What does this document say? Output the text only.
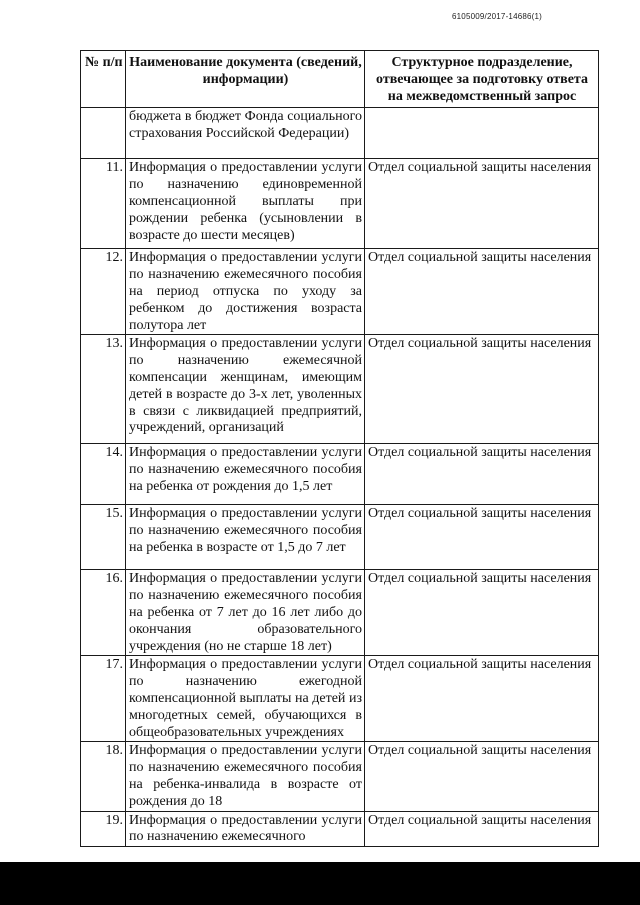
6105009/2017-14686(1)
№ п/п	Наименование документа (сведений, информации)	Структурное подразделение, отвечающее за подготовку ответа на межведомственный запрос
	бюджета в бюджет Фонда социального страхования Российской Федерации)	
11.	Информация о предоставлении услуги по назначению единовременной компенсационной выплаты при рождении ребенка (усыновлении в возрасте до шести месяцев)	Отдел социальной защиты населения
12.	Информация о предоставлении услуги по назначению ежемесячного пособия на период отпуска по уходу за ребенком до достижения возраста полутора лет	Отдел социальной защиты населения
13.	Информация о предоставлении услуги по назначению ежемесячной компенсации женщинам, имеющим детей в возрасте до 3-х лет, уволенных в связи с ликвидацией предприятий, учреждений, организаций	Отдел социальной защиты населения
14.	Информация о предоставлении услуги по назначению ежемесячного пособия на ребенка от рождения до 1,5 лет	Отдел социальной защиты населения
15.	Информация о предоставлении услуги по назначению ежемесячного пособия на ребенка в возрасте от 1,5 до 7 лет	Отдел социальной защиты населения
16.	Информация о предоставлении услуги по назначению ежемесячного пособия на ребенка от 7 лет до 16 лет либо до окончания образовательного учреждения (но не старше 18 лет)	Отдел социальной защиты населения
17.	Информация о предоставлении услуги по назначению ежегодной компенсационной выплаты на детей из многодетных семей, обучающихся в общеобразовательных учреждениях	Отдел социальной защиты населения
18.	Информация о предоставлении услуги по назначению ежемесячного пособия на ребенка-инвалида в возрасте от рождения до 18	Отдел социальной защиты населения
19.	Информация о предоставлении услуги по назначению ежемесячного	Отдел социальной защиты населения
